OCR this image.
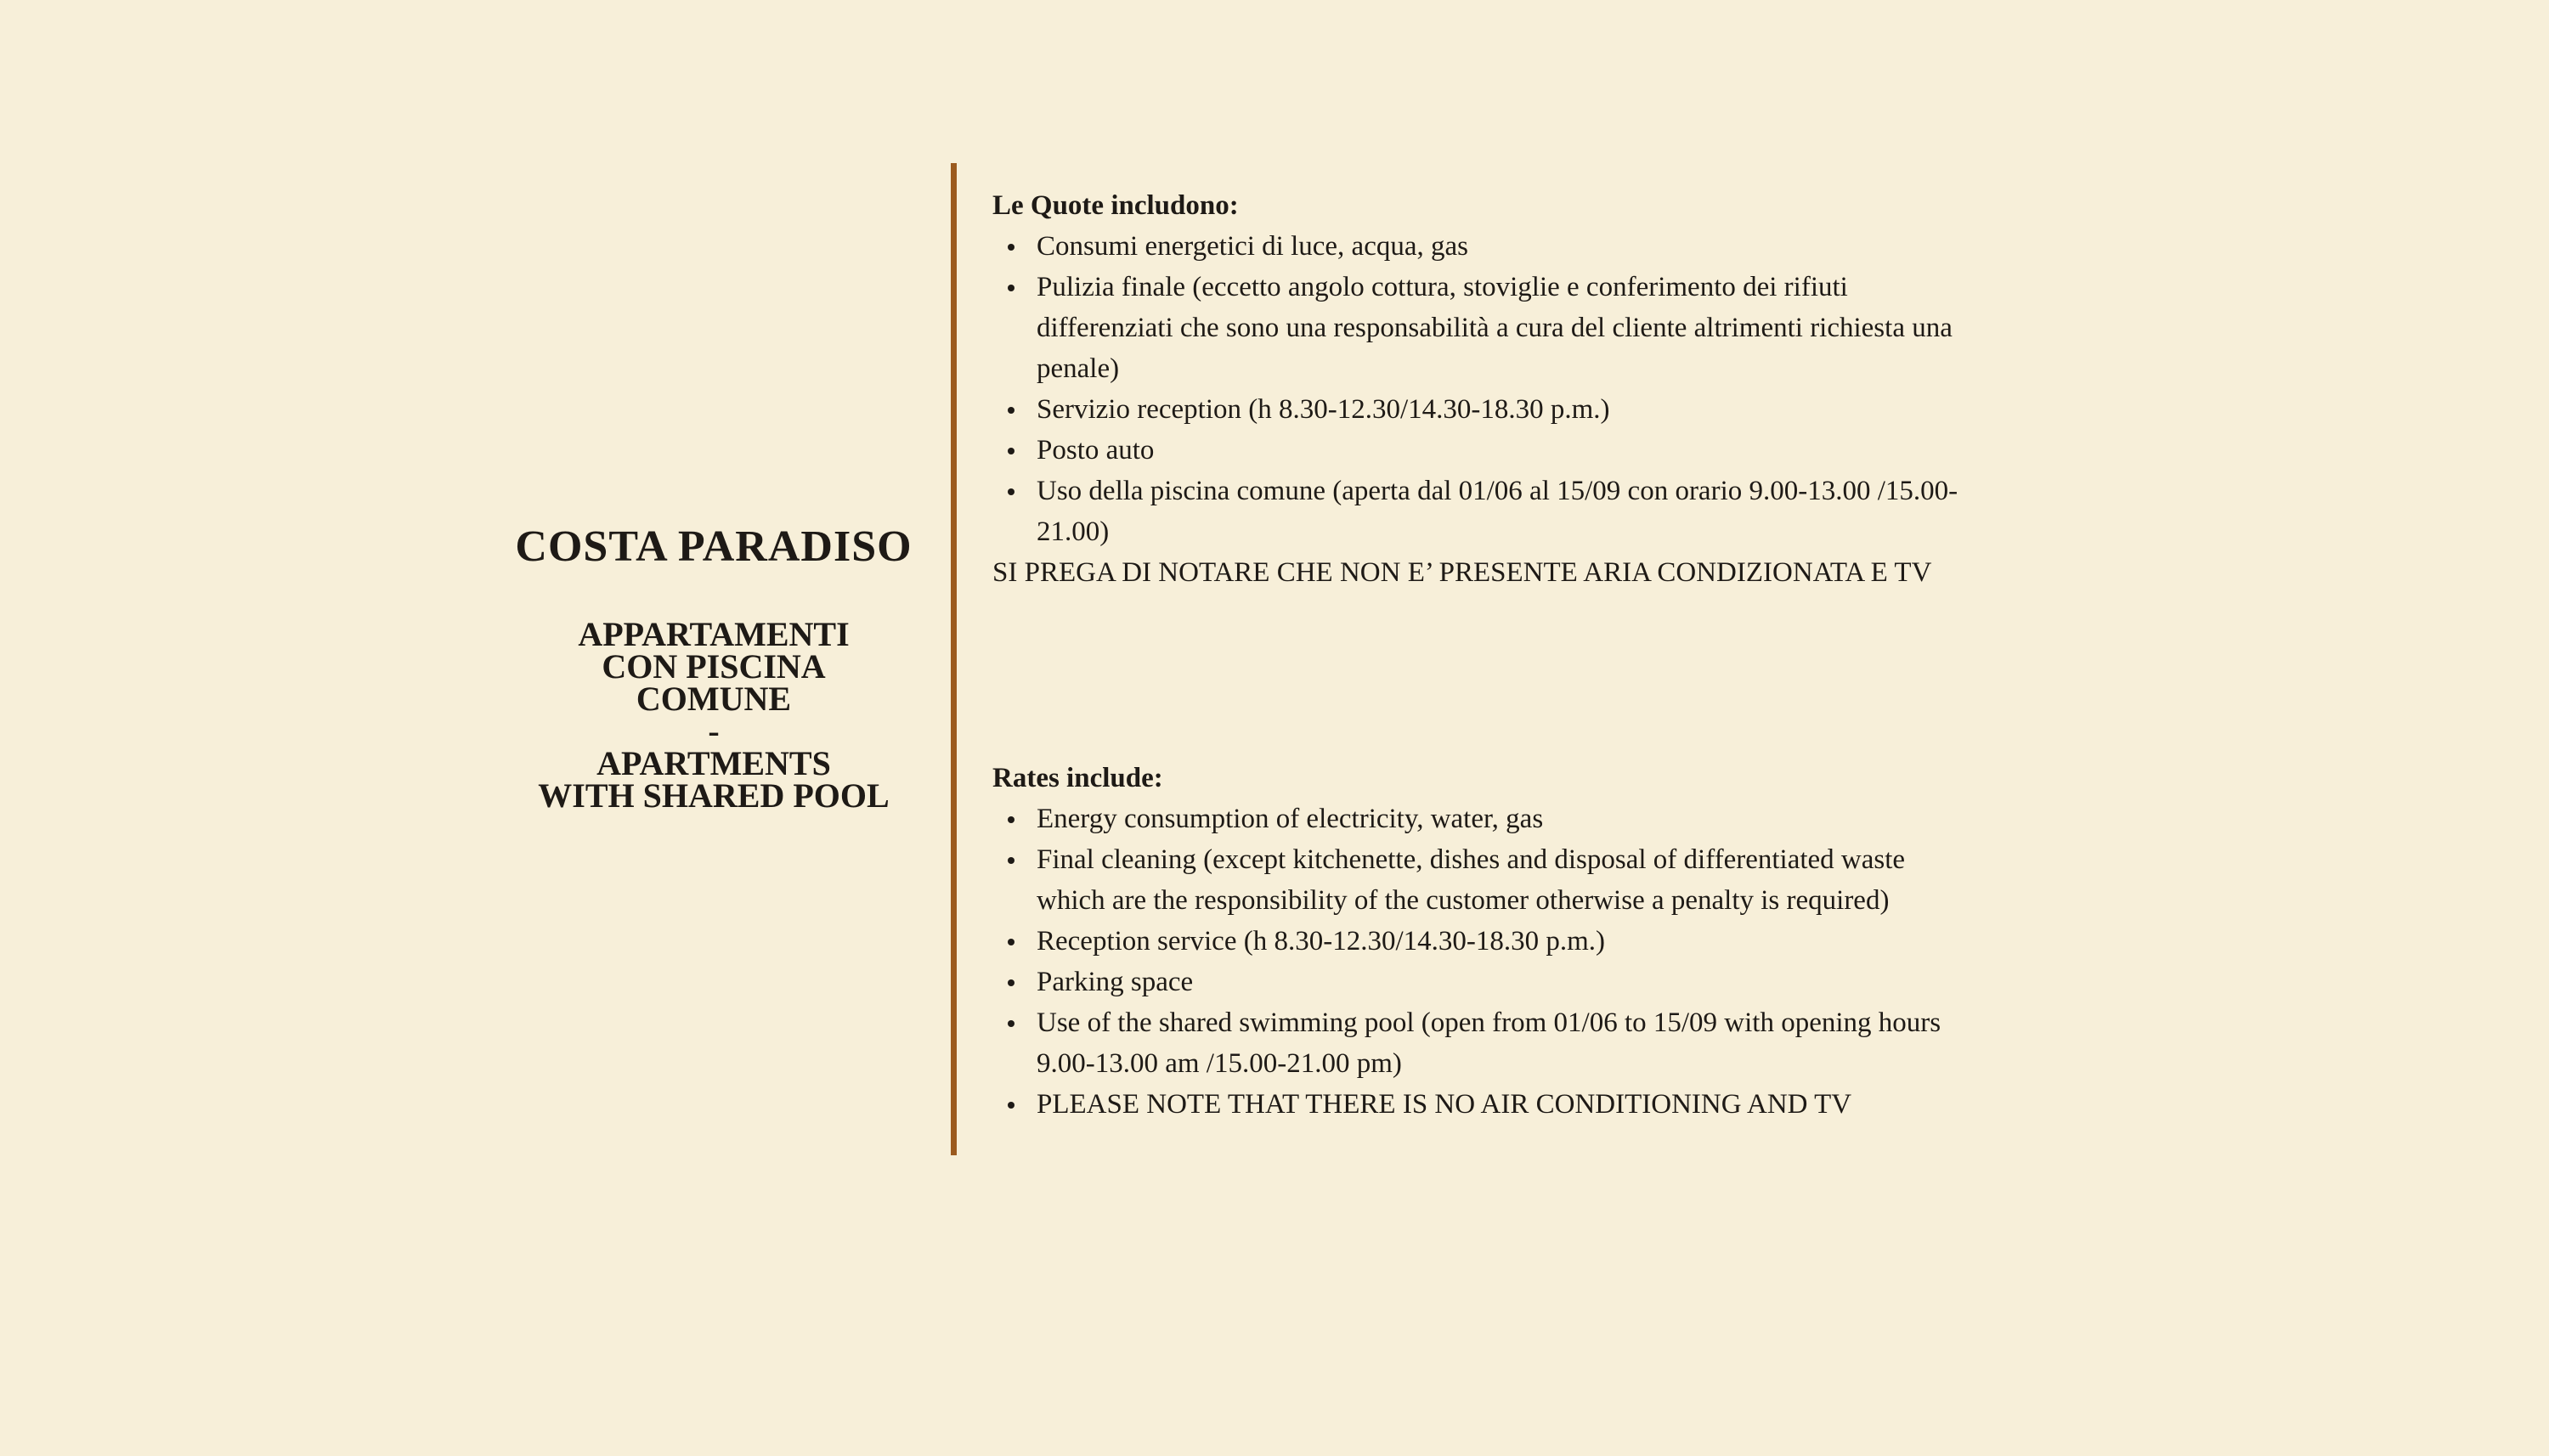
COSTA PARADISO
APPARTAMENTI
CON PISCINA
COMUNE
-
APARTMENTS
WITH SHARED POOL

Le Quote includono:

Consumi energetici di luce, acqua, gas
Pulizia finale (eccetto angolo cottura, stoviglie e conferimento dei rifiuti differenziati che sono una responsabilità a cura del cliente altrimenti richiesta una penale)
Servizio reception (h 8.30-12.30/14.30-18.30 p.m.)
Posto auto
Uso della piscina comune (aperta dal 01/06 al 15/09 con orario 9.00-13.00 /15.00-21.00)

SI PREGA DI NOTARE CHE NON E’ PRESENTE ARIA CONDIZIONATA E TV

Rates include:

Energy consumption of electricity, water, gas
Final cleaning (except kitchenette, dishes and disposal of differentiated waste which are the responsibility of the customer otherwise a penalty is required)
Reception service (h 8.30-12.30/14.30-18.30 p.m.)
Parking space
Use of the shared swimming pool (open from 01/06 to 15/09 with opening hours 9.00-13.00 am /15.00-21.00 pm)
PLEASE NOTE THAT THERE IS NO AIR CONDITIONING AND TV
